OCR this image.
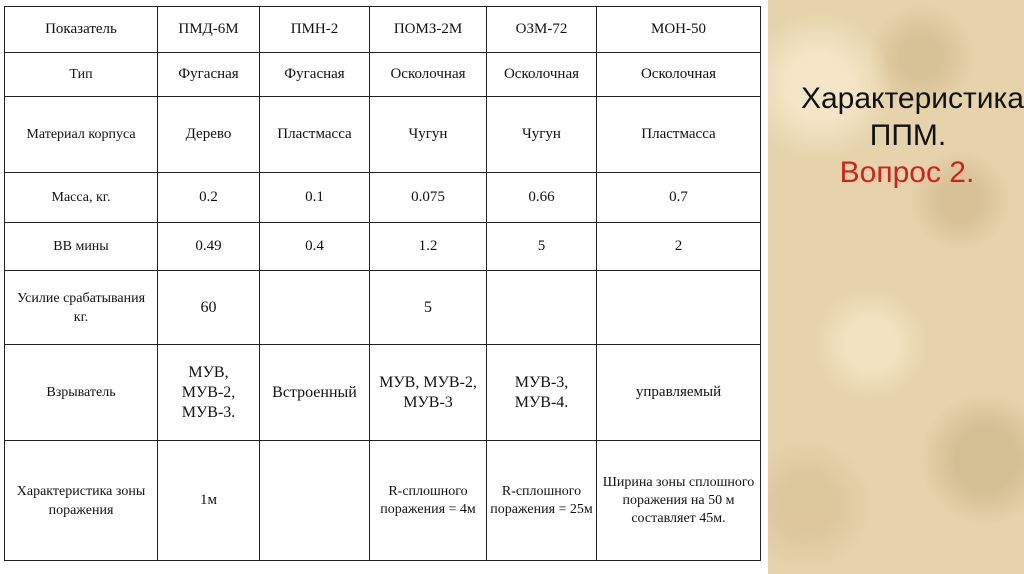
Показатель	ПМД-6М	ПМН-2	ПОМЗ-2М	ОЗМ-72	МОН-50
Тип	Фугасная	Фугасная	Осколочная	Осколочная	Осколочная
Материал корпуса	Дерево	Пластмасса	Чугун	Чугун	Пластмасса
Масса, кг.	0.2	0.1	0.075	0.66	0.7
ВВ мины	0.49	0.4	1.2	5	2
Усилие срабатывания кг.	60		5		
Взрыватель	МУВ, МУВ-2, МУВ-3.	Встроенный	МУВ, МУВ-2, МУВ-3	МУВ-3, МУВ-4.	управляемый
Характеристика зоны поражения	1м		R-сплошного поражения = 4м	R-сплошного поражения = 25м	Ширина зоны сплошного поражения на 50 м составляет 45м.
Характеристика
ППМ.
Вопрос 2.
